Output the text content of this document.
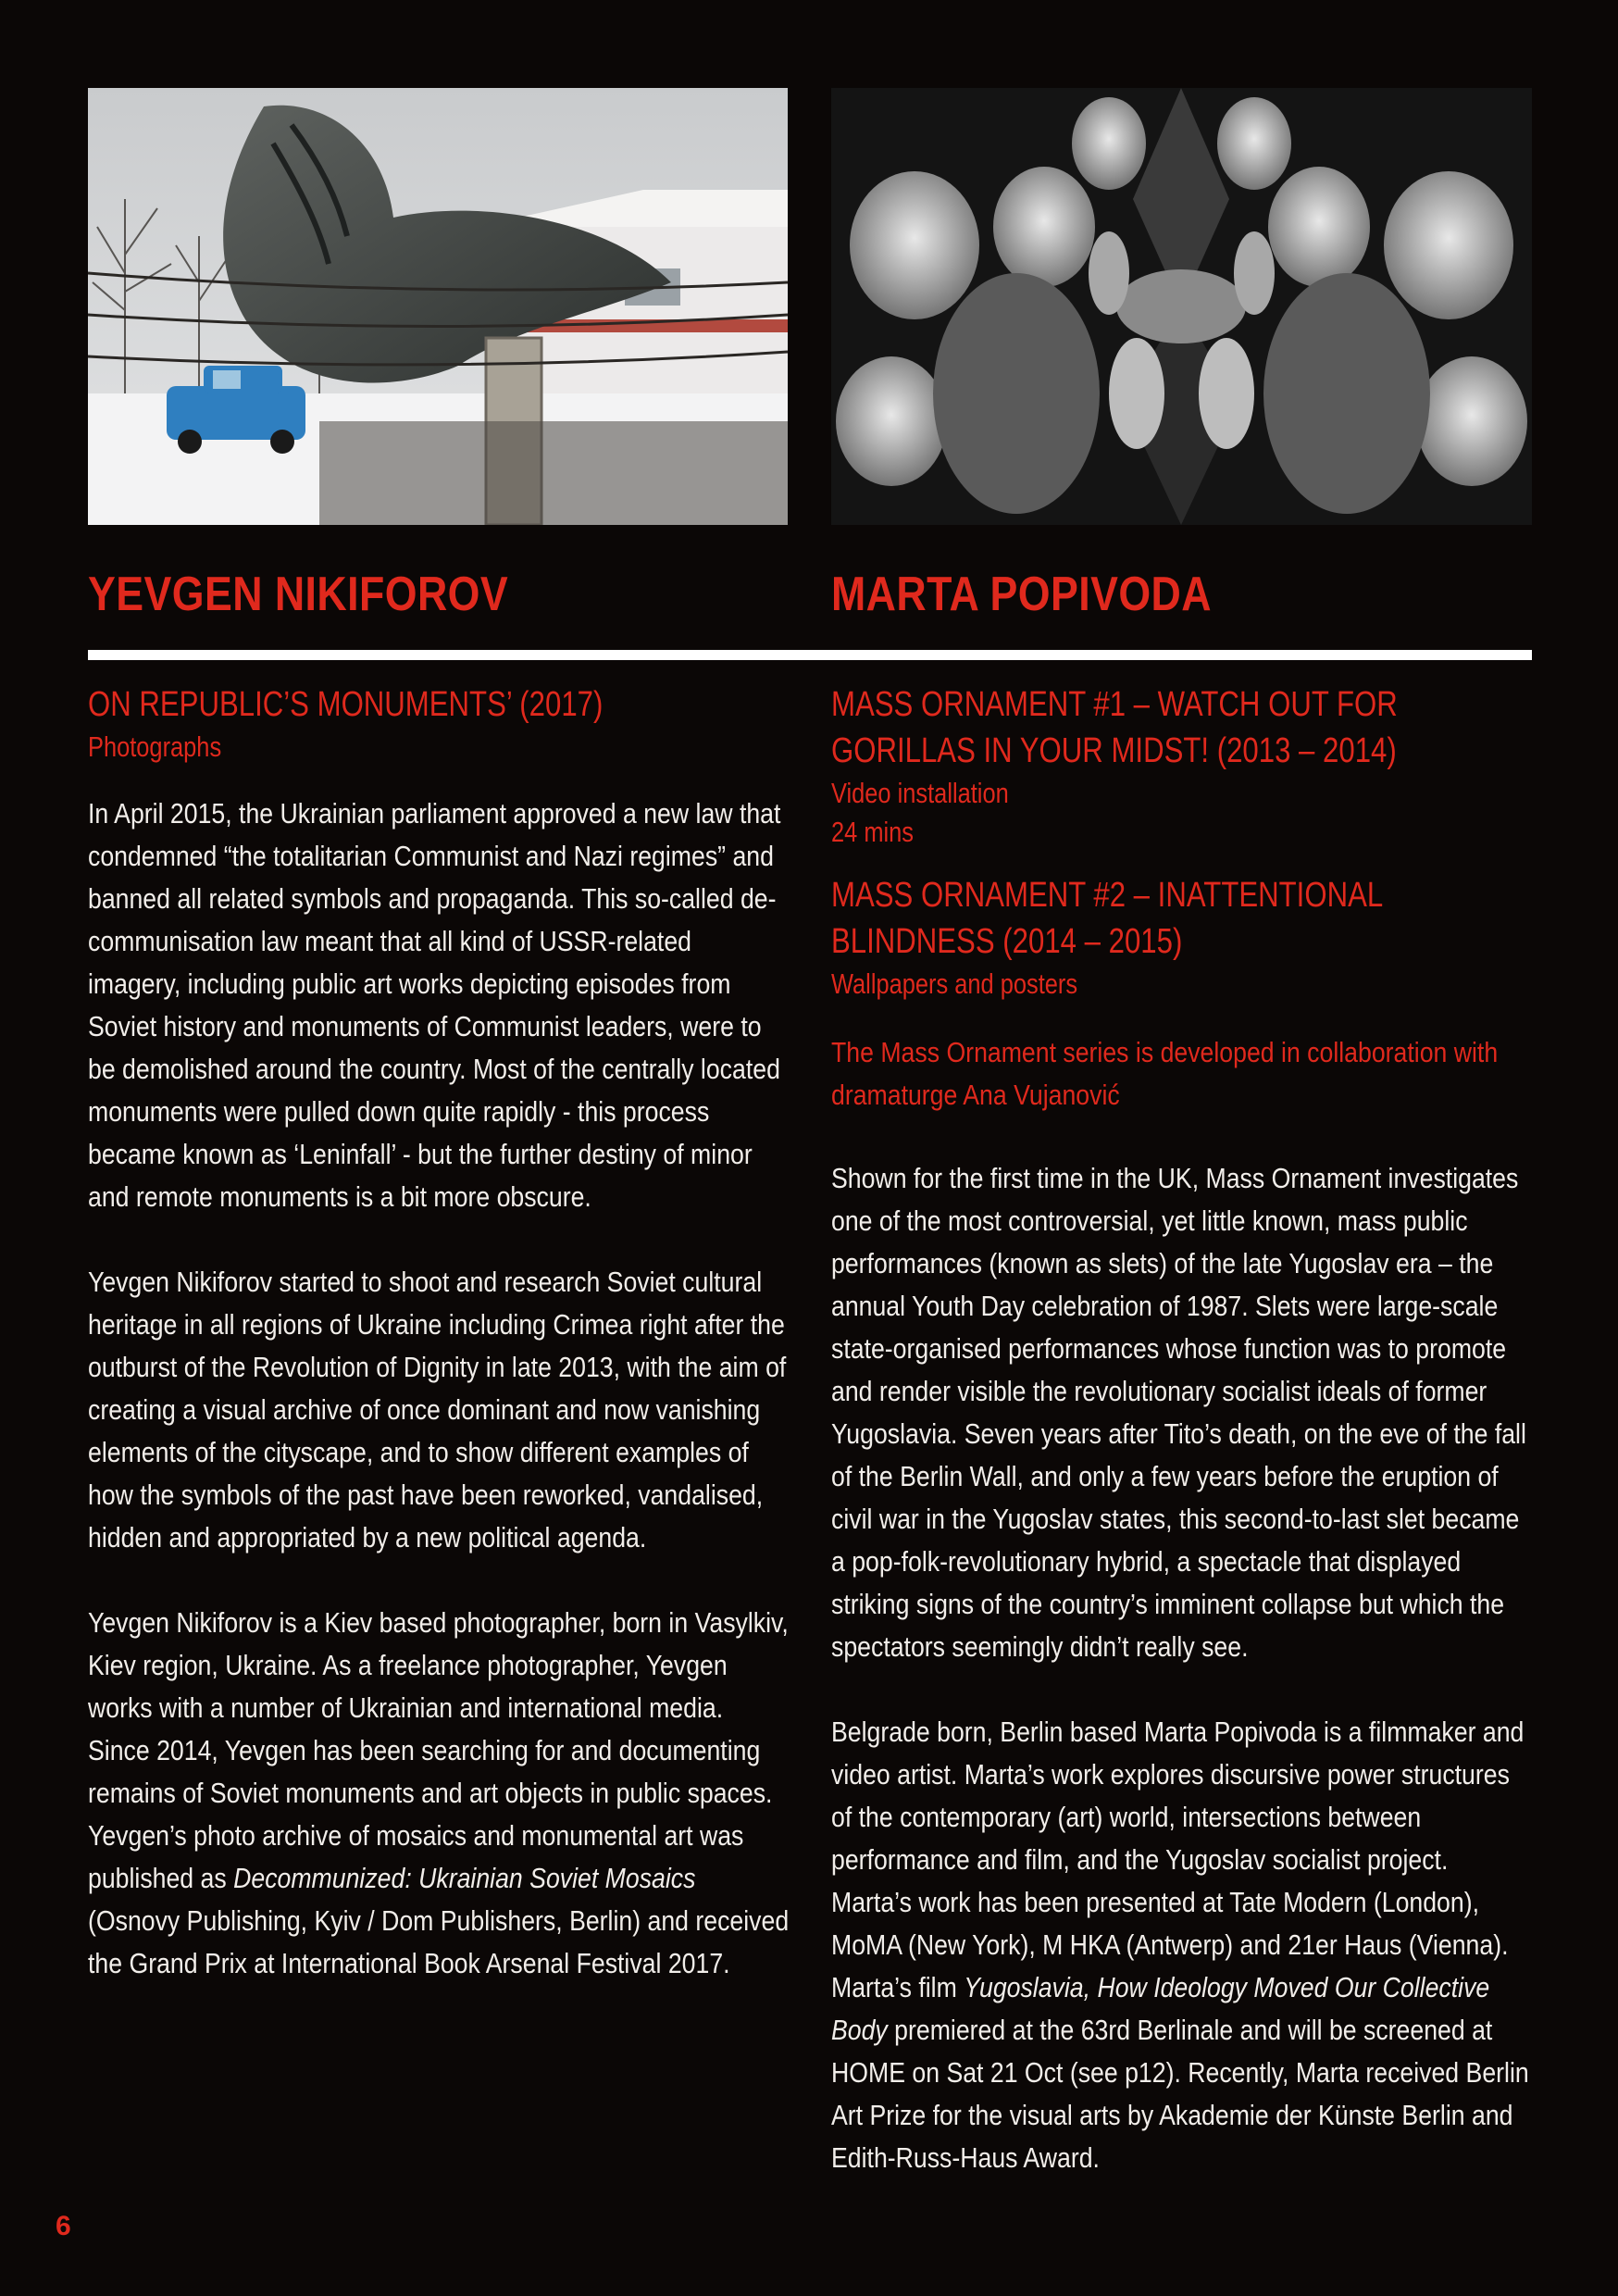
YEVGEN NIKIFOROV	MARTA POPIVODA

ON REPUBLIC’S MONUMENTS’ (2017)

Photographs

In April 2015, the Ukrainian parliament approved a new law that condemned “the totalitarian Communist and Nazi regimes” and banned all related symbols and propaganda. This so-called de-communisation law meant that all kind of USSR-related imagery, including public art works depicting episodes from Soviet history and monuments of Communist leaders, were to be demolished around the country. Most of the centrally located monuments were pulled down quite rapidly - this process became known as ‘Leninfall’ - but the further destiny of minor and remote monuments is a bit more obscure.

Yevgen Nikiforov started to shoot and research Soviet cultural heritage in all regions of Ukraine including Crimea right after the outburst of the Revolution of Dignity in late 2013, with the aim of creating a visual archive of once dominant and now vanishing elements of the cityscape, and to show different examples of how the symbols of the past have been reworked, vandalised, hidden and appropriated by a new political agenda.

Yevgen Nikiforov is a Kiev based photographer, born in Vasylkiv, Kiev region, Ukraine. As a freelance photographer, Yevgen works with a number of Ukrainian and international media. Since 2014, Yevgen has been searching for and documenting remains of Soviet monuments and art objects in public spaces. Yevgen’s photo archive of mosaics and monumental art was published as Decommunized: Ukrainian Soviet Mosaics (Osnovy Publishing, Kyiv / Dom Publishers, Berlin) and received the Grand Prix at International Book Arsenal Festival 2017.

MASS ORNAMENT #1 – WATCH OUT FOR GORILLAS IN YOUR MIDST! (2013 – 2014)

Video installation

24 mins

MASS ORNAMENT #2 – INATTENTIONAL BLINDNESS (2014 – 2015)

Wallpapers and posters

The Mass Ornament series is developed in collaboration with dramaturge Ana Vujanović

Shown for the first time in the UK, Mass Ornament investigates one of the most controversial, yet little known, mass public performances (known as slets) of the late Yugoslav era – the annual Youth Day celebration of 1987. Slets were large-scale state-organised performances whose function was to promote and render visible the revolutionary socialist ideals of former Yugoslavia. Seven years after Tito’s death, on the eve of the fall of the Berlin Wall, and only a few years before the eruption of civil war in the Yugoslav states, this second-to-last slet became a pop-folk-revolutionary hybrid, a spectacle that displayed striking signs of the country’s imminent collapse but which the spectators seemingly didn’t really see.

Belgrade born, Berlin based Marta Popivoda is a filmmaker and video artist. Marta’s work explores discursive power structures of the contemporary (art) world, intersections between performance and film, and the Yugoslav socialist project. Marta’s work has been presented at Tate Modern (London), MoMA (New York), M HKA (Antwerp) and 21er Haus (Vienna). Marta’s film Yugoslavia, How Ideology Moved Our Collective Body premiered at the 63rd Berlinale and will be screened at HOME on Sat 21 Oct (see p12). Recently, Marta received Berlin Art Prize for the visual arts by Akademie der Künste Berlin and Edith-Russ-Haus Award.

6
